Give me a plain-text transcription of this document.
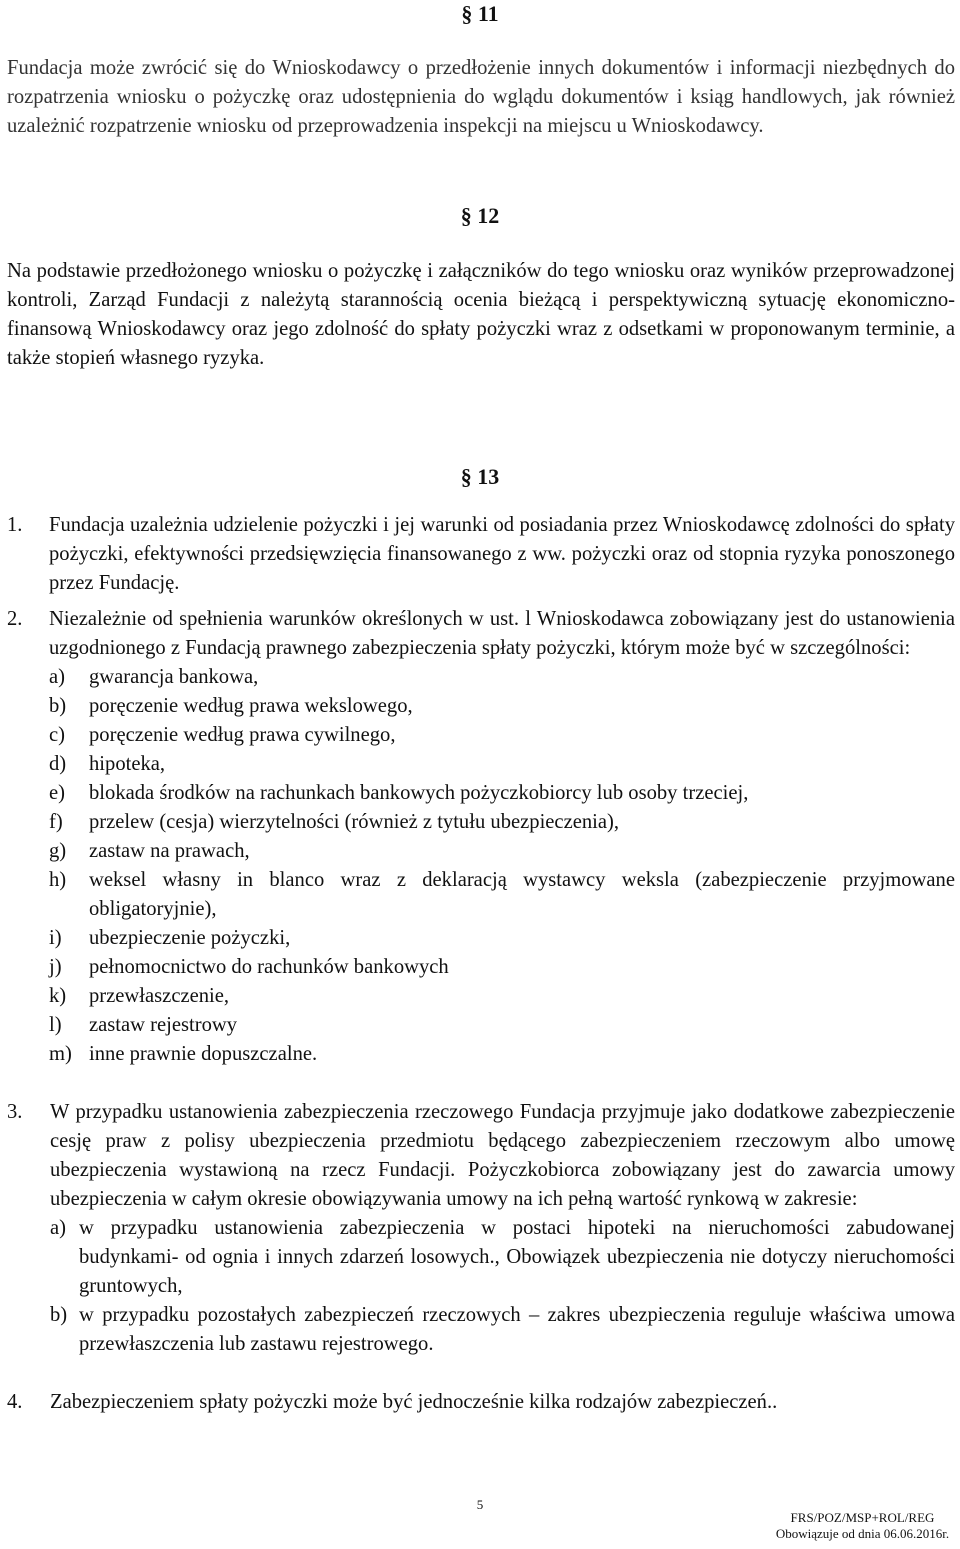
§ 11

Fundacja może zwrócić się do Wnioskodawcy o przedłożenie innych dokumentów i informacji niezbędnych do rozpatrzenia wniosku o pożyczkę oraz udostępnienia do wglądu dokumentów i ksiąg handlowych, jak również uzależnić rozpatrzenie wniosku od przeprowadzenia inspekcji na miejscu u Wnioskodawcy.

§ 12

Na podstawie przedłożonego wniosku o pożyczkę i załączników do tego wniosku oraz wyników przeprowadzonej kontroli, Zarząd Fundacji z należytą starannością ocenia bieżącą i perspektywiczną sytuację ekonomiczno-finansową Wnioskodawcy oraz jego zdolność do spłaty pożyczki wraz z odsetkami w proponowanym terminie, a także stopień własnego ryzyka.

§ 13
1. Fundacja uzależnia udzielenie pożyczki i jej warunki od posiadania przez Wnioskodawcę zdolności do spłaty pożyczki, efektywności przedsięwzięcia finansowanego z ww. pożyczki oraz od stopnia ryzyka ponoszonego przez Fundację.
2. Niezależnie od spełnienia warunków określonych w ust. l Wnioskodawca zobowiązany jest do ustanowienia uzgodnionego z Fundacją prawnego zabezpieczenia spłaty pożyczki, którym może być w szczególności:
a) gwarancja bankowa,
b) poręczenie według prawa wekslowego,
c) poręczenie według prawa cywilnego,
d) hipoteka,
e) blokada środków na rachunkach bankowych pożyczkobiorcy lub osoby trzeciej,
f) przelew (cesja) wierzytelności (również z tytułu ubezpieczenia),
g) zastaw na prawach,
h) weksel własny in blanco wraz z deklaracją wystawcy weksla (zabezpieczenie przyjmowane obligatoryjnie),
i) ubezpieczenie pożyczki,
j) pełnomocnictwo do rachunków bankowych
k) przewłaszczenie,
l) zastaw rejestrowy
m) inne prawnie dopuszczalne.
3. W przypadku ustanowienia zabezpieczenia rzeczowego Fundacja przyjmuje jako dodatkowe zabezpieczenie cesję praw z polisy ubezpieczenia przedmiotu będącego zabezpieczeniem rzeczowym albo umowę ubezpieczenia wystawioną na rzecz Fundacji. Pożyczkobiorca zobowiązany jest do zawarcia umowy ubezpieczenia w całym okresie obowiązywania umowy na ich pełną wartość rynkową w zakresie:
a) w przypadku ustanowienia zabezpieczenia w postaci hipoteki na nieruchomości zabudowanej budynkami- od ognia i innych zdarzeń losowych., Obowiązek ubezpieczenia nie dotyczy nieruchomości gruntowych,
b) w przypadku pozostałych zabezpieczeń rzeczowych – zakres ubezpieczenia reguluje właściwa umowa przewłaszczenia lub zastawu rejestrowego.
4. Zabezpieczeniem spłaty pożyczki może być jednocześnie kilka rodzajów zabezpieczeń..
5
FRS/POZ/MSP+ROL/REG
Obowiązuje od dnia 06.06.2016r.
